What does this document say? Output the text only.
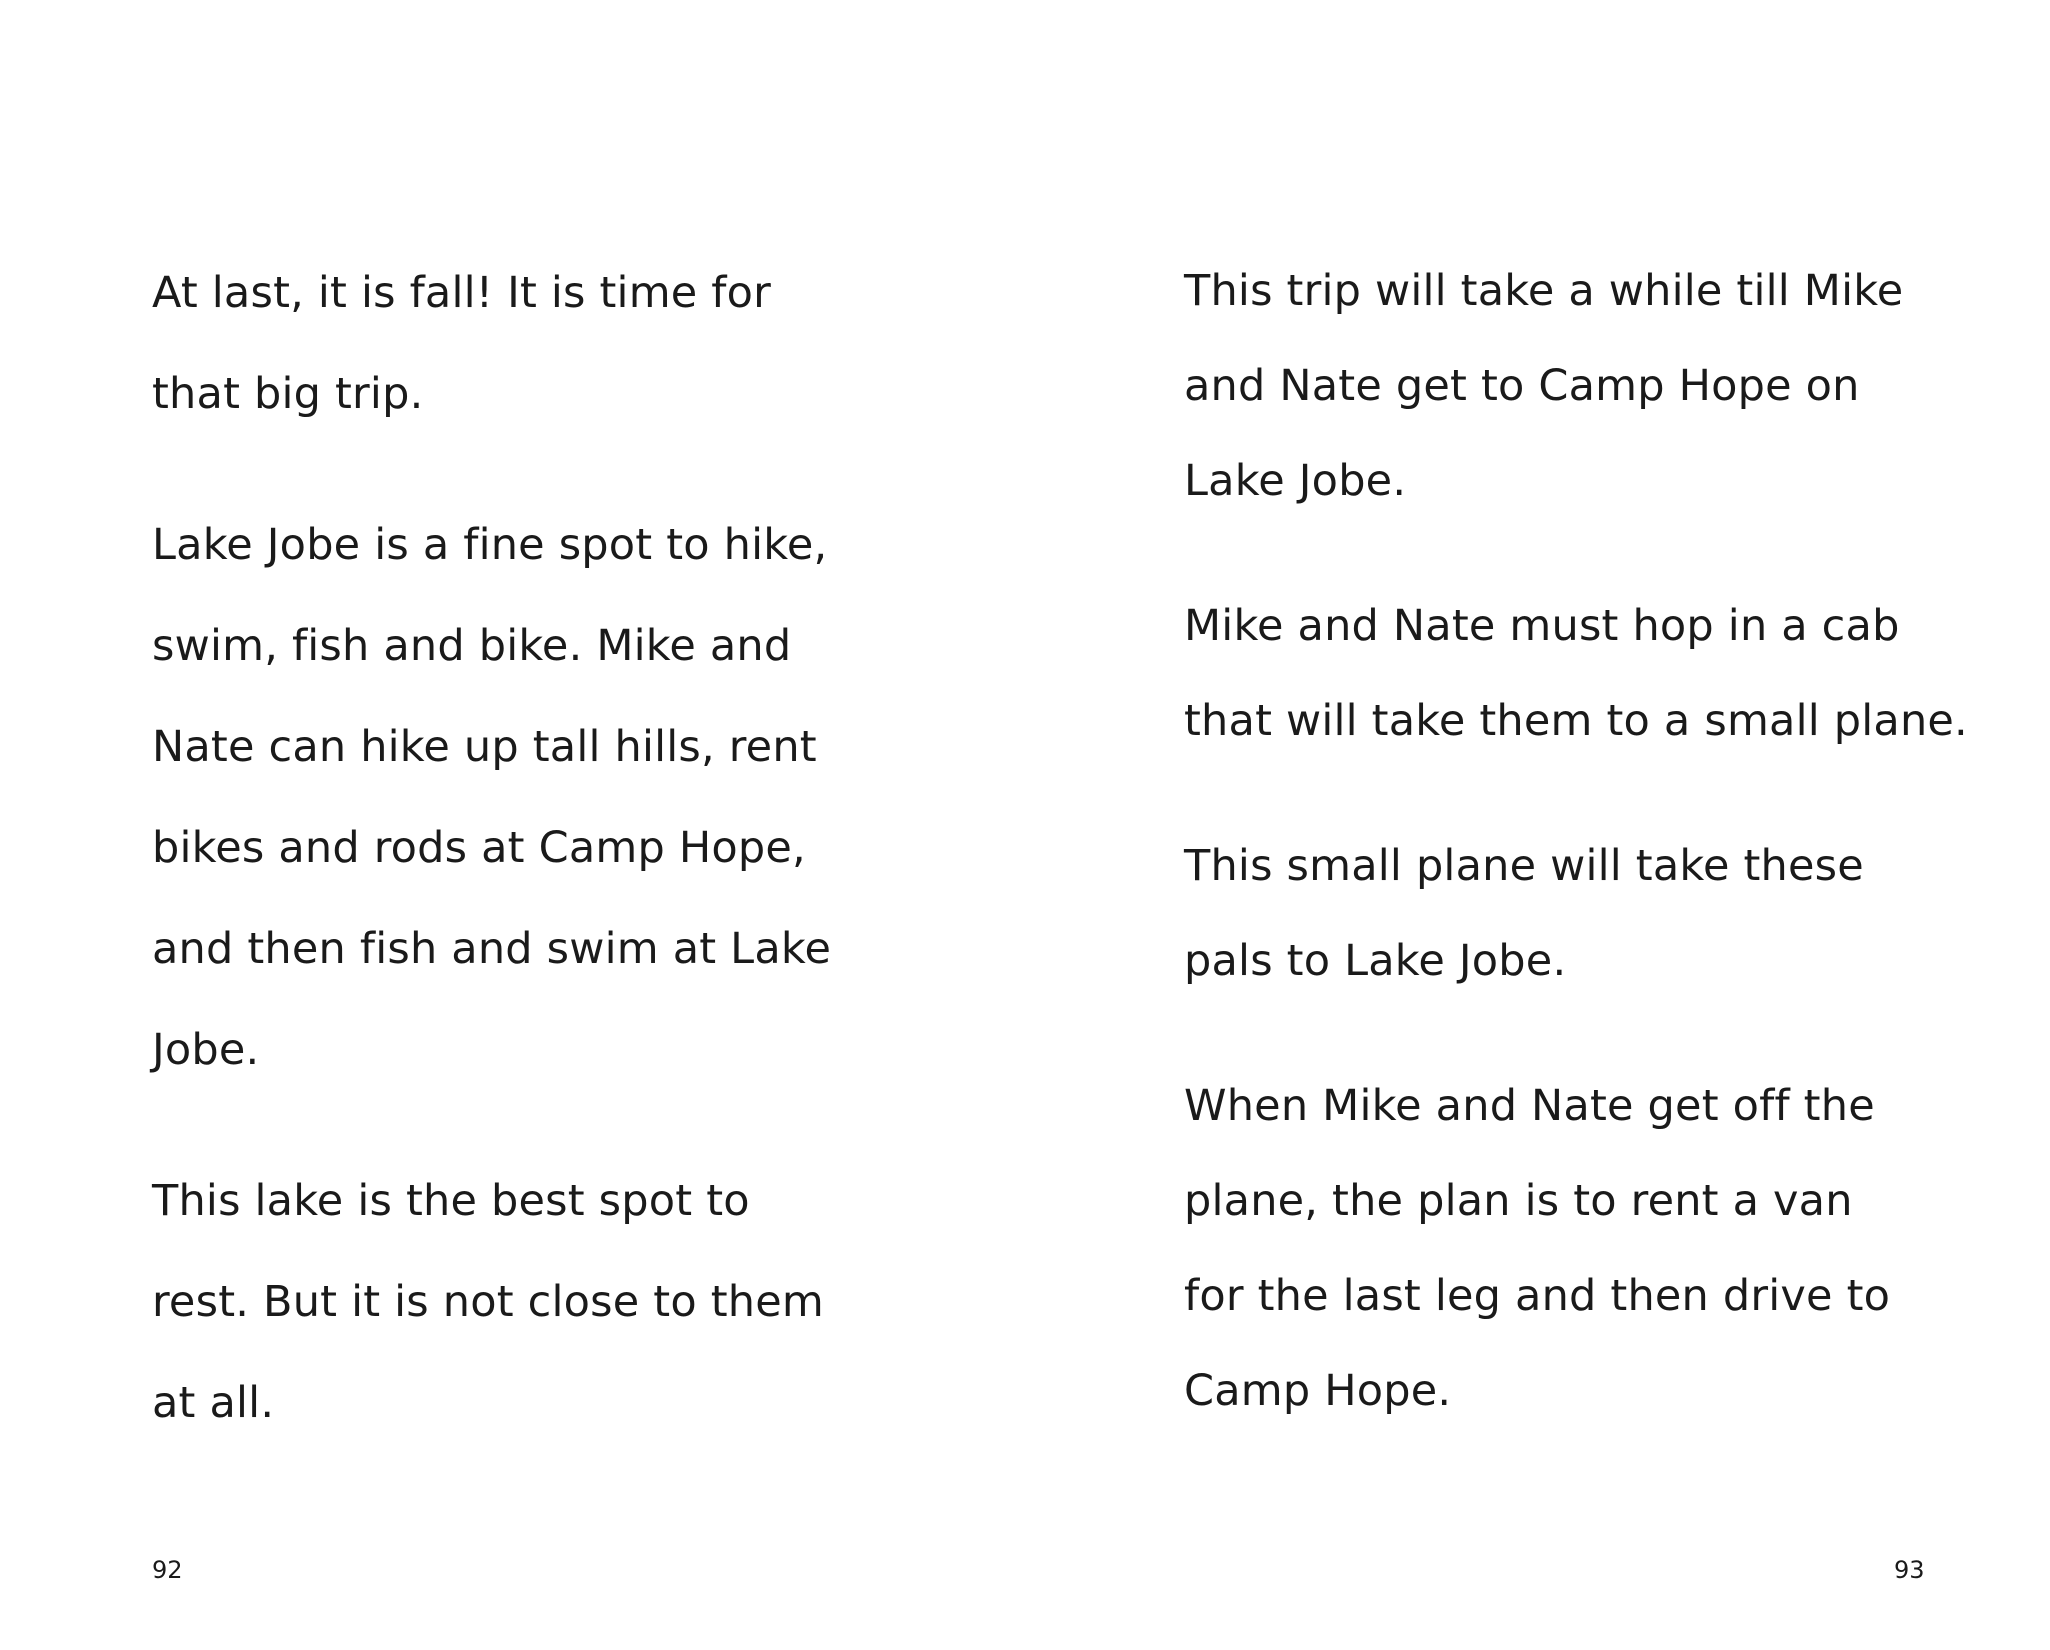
At last, it is fall! It is time for
that big trip.

Lake Jobe is a fine spot to hike,
swim, fish and bike. Mike and
Nate can hike up tall hills, rent
bikes and rods at Camp Hope,
and then fish and swim at Lake
Jobe.

This lake is the best spot to
rest. But it is not close to them
at all.

92

This trip will take a while till Mike
and Nate get to Camp Hope on
Lake Jobe.

Mike and Nate must hop in a cab
that will take them to a small plane.

This small plane will take these
pals to Lake Jobe.

When Mike and Nate get off the
plane, the plan is to rent a van
for the last leg and then drive to
Camp Hope.

93
